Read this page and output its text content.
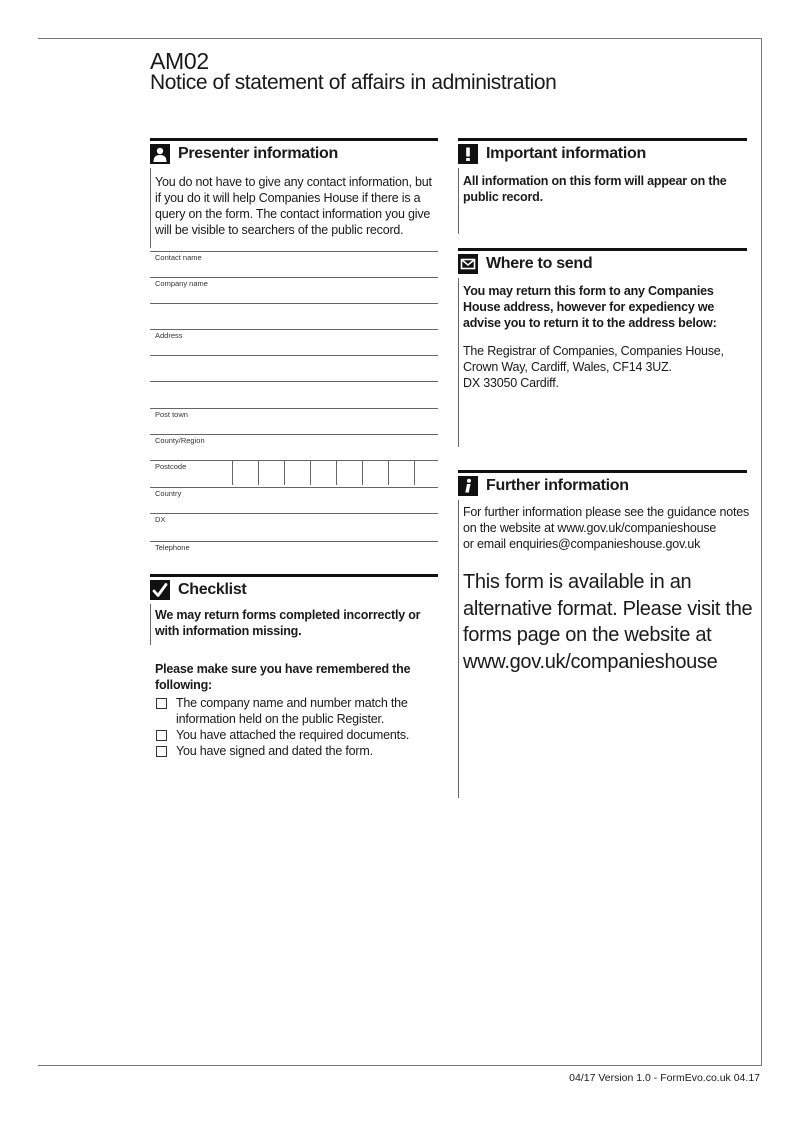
AM02
Notice of statement of affairs in administration
Presenter information
You do not have to give any contact information, but if you do it will help Companies House if there is a query on the form. The contact information you give will be visible to searchers of the public record.
Contact name
Company name
Address
Post town
County/Region
Postcode
Country
DX
Telephone
Checklist
We may return forms completed incorrectly or with information missing.
Please make sure you have remembered the following:
The company name and number match the information held on the public Register.
You have attached the required documents.
You have signed and dated the form.
Important information
All information on this form will appear on the public record.
Where to send
You may return this form to any Companies House address, however for expediency we advise you to return it to the address below:
The Registrar of Companies, Companies House,
Crown Way, Cardiff, Wales, CF14 3UZ.
DX 33050 Cardiff.
Further information
For further information please see the guidance notes
on the website at www.gov.uk/companieshouse
or email enquiries@companieshouse.gov.uk
This form is available in an alternative format. Please visit the forms page on the website at www.gov.uk/companieshouse
04/17 Version 1.0 - FormEvo.co.uk 04.17
